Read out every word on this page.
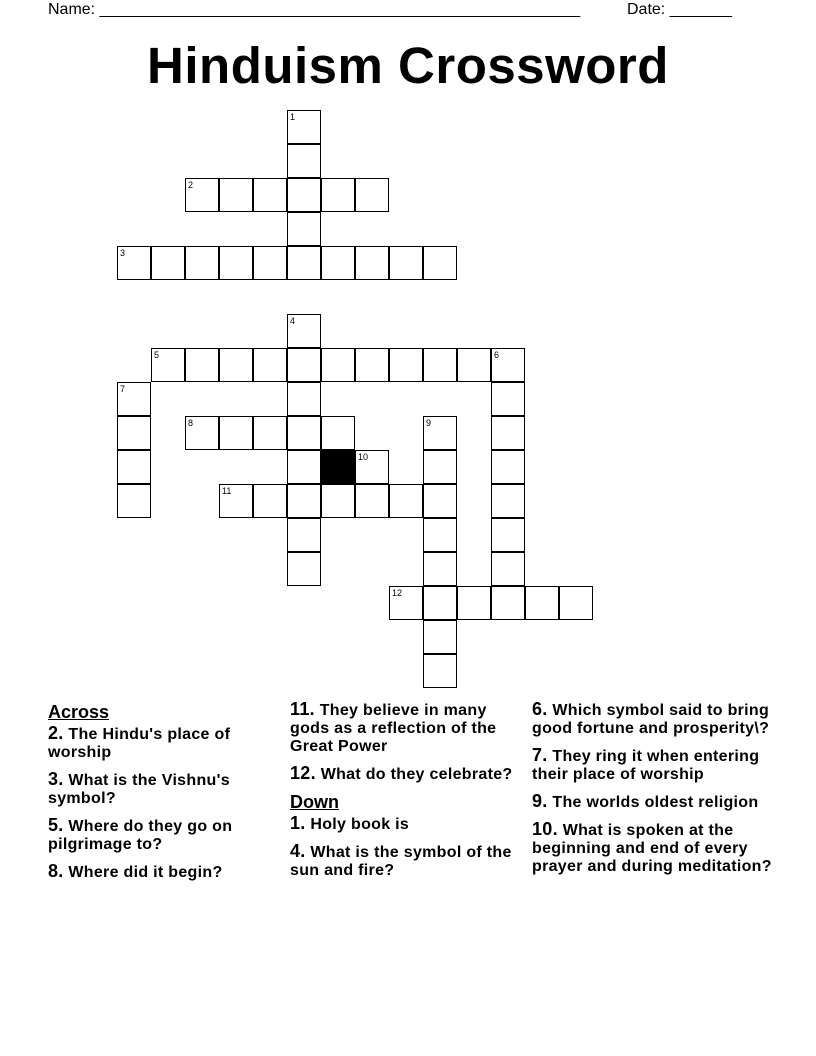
Name: ______________________________________________________	Date: _______
Hinduism Crossword
1
2
3
4
5	6
7
8	9
10
11
12
Across
2. The Hindu's place of worship
3. What is the Vishnu's symbol?
5. Where do they go on pilgrimage to?
8. Where did it begin?
11. They believe in many gods as a reflection of the Great Power
12. What do they celebrate?
Down
1. Holy book is
4. What is the symbol of the sun and fire?
6. Which symbol said to bring good fortune and prosperity\?
7. They ring it when entering their place of worship
9. The worlds oldest religion
10. What is spoken at the beginning and end of every prayer and during meditation?
